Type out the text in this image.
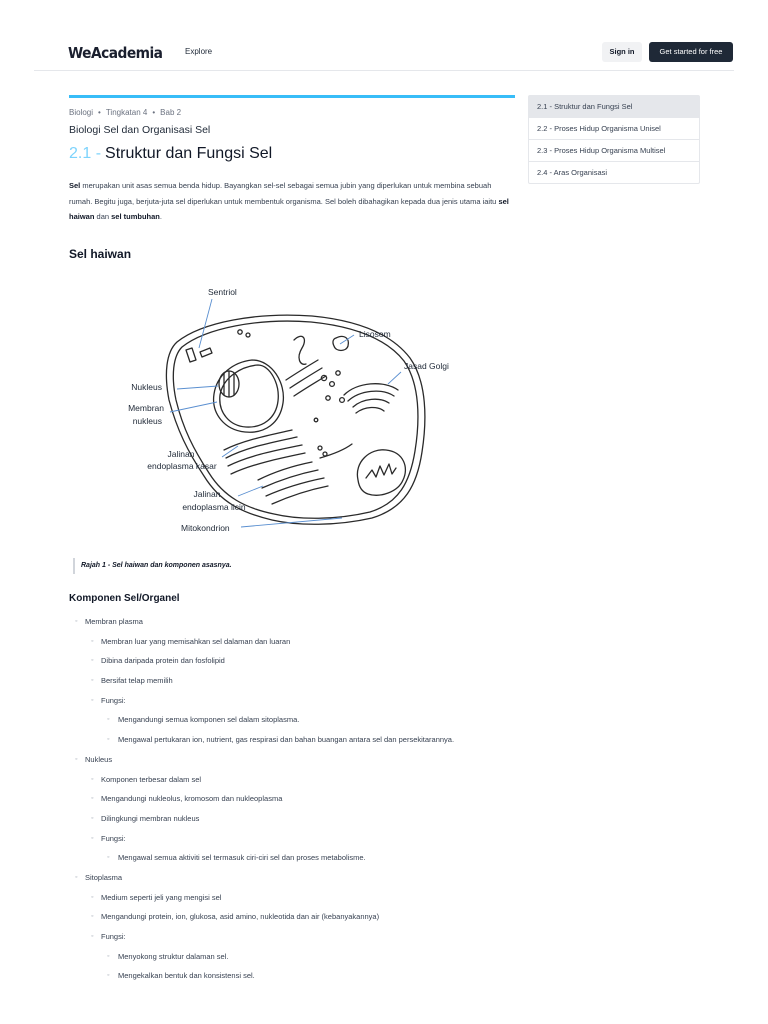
WeAcademia	Explore	Sign in	Get started for free
Biologi • Tingkatan 4 • Bab 2
Biologi Sel dan Organisasi Sel
2.1 - Struktur dan Fungsi Sel
Sel merupakan unit asas semua benda hidup. Bayangkan sel-sel sebagai semua jubin yang diperlukan untuk membina sebuah rumah. Begitu juga, berjuta-juta sel diperlukan untuk membentuk organisma. Sel boleh dibahagikan kepada dua jenis utama iaitu sel haiwan dan sel tumbuhan.
2.1 - Struktur dan Fungsi Sel
2.2 - Proses Hidup Organisma Unisel
2.3 - Proses Hidup Organisma Multisel
2.4 - Aras Organisasi
Sel haiwan
Sentriol
Lisosom
Jasad Golgi
Nukleus
Membran
nukleus
Jalinan
endoplasma kasar
Jalinan
endoplasma licin
Mitokondrion
Rajah 1 - Sel haiwan dan komponen asasnya.
Komponen Sel/Organel
◦ Membran plasma
◦ Membran luar yang memisahkan sel dalaman dan luaran
◦ Dibina daripada protein dan fosfolipid
◦ Bersifat telap memilih
◦ Fungsi:
◦ Mengandungi semua komponen sel dalam sitoplasma.
◦ Mengawal pertukaran ion, nutrient, gas respirasi dan bahan buangan antara sel dan persekitarannya.
◦ Nukleus
◦ Komponen terbesar dalam sel
◦ Mengandungi nukleolus, kromosom dan nukleoplasma
◦ Dilingkungi membran nukleus
◦ Fungsi:
◦ Mengawal semua aktiviti sel termasuk ciri-ciri sel dan proses metabolisme.
◦ Sitoplasma
◦ Medium seperti jeli yang mengisi sel
◦ Mengandungi protein, ion, glukosa, asid amino, nukleotida dan air (kebanyakannya)
◦ Fungsi:
◦ Menyokong struktur dalaman sel.
◦ Mengekalkan bentuk dan konsistensi sel.
